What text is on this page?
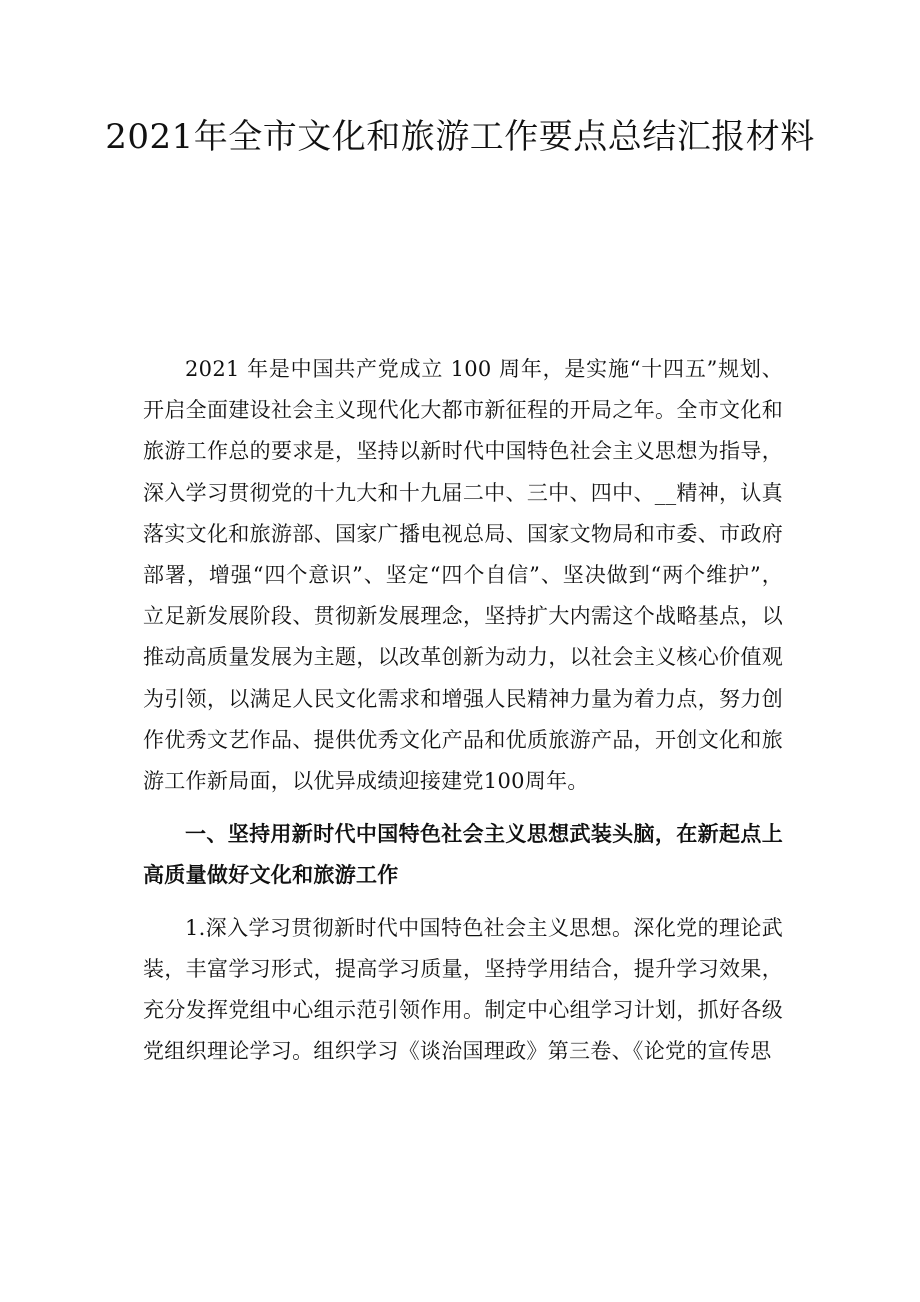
2021年全市文化和旅游工作要点总结汇报材料

2021 年是中国共产党成立 100 周年，是实施“十四五”规划、开启全面建设社会主义现代化大都市新征程的开局之年。全市文化和旅游工作总的要求是，坚持以新时代中国特色社会主义思想为指导，深入学习贯彻党的十九大和十九届二中、三中、四中、__精神，认真落实文化和旅游部、国家广播电视总局、国家文物局和市委、市政府部署，增强“四个意识”、坚定“四个自信”、坚决做到“两个维护”，立足新发展阶段、贯彻新发展理念，坚持扩大内需这个战略基点，以推动高质量发展为主题，以改革创新为动力，以社会主义核心价值观为引领，以满足人民文化需求和增强人民精神力量为着力点，努力创作优秀文艺作品、提供优秀文化产品和优质旅游产品，开创文化和旅游工作新局面，以优异成绩迎接建党100周年。

一、坚持用新时代中国特色社会主义思想武装头脑，在新起点上高质量做好文化和旅游工作

1.深入学习贯彻新时代中国特色社会主义思想。深化党的理论武装，丰富学习形式，提高学习质量，坚持学用结合，提升学习效果，充分发挥党组中心组示范引领作用。制定中心组学习计划，抓好各级党组织理论学习。组织学习《谈治国理政》第三卷、《论党的宣传思
